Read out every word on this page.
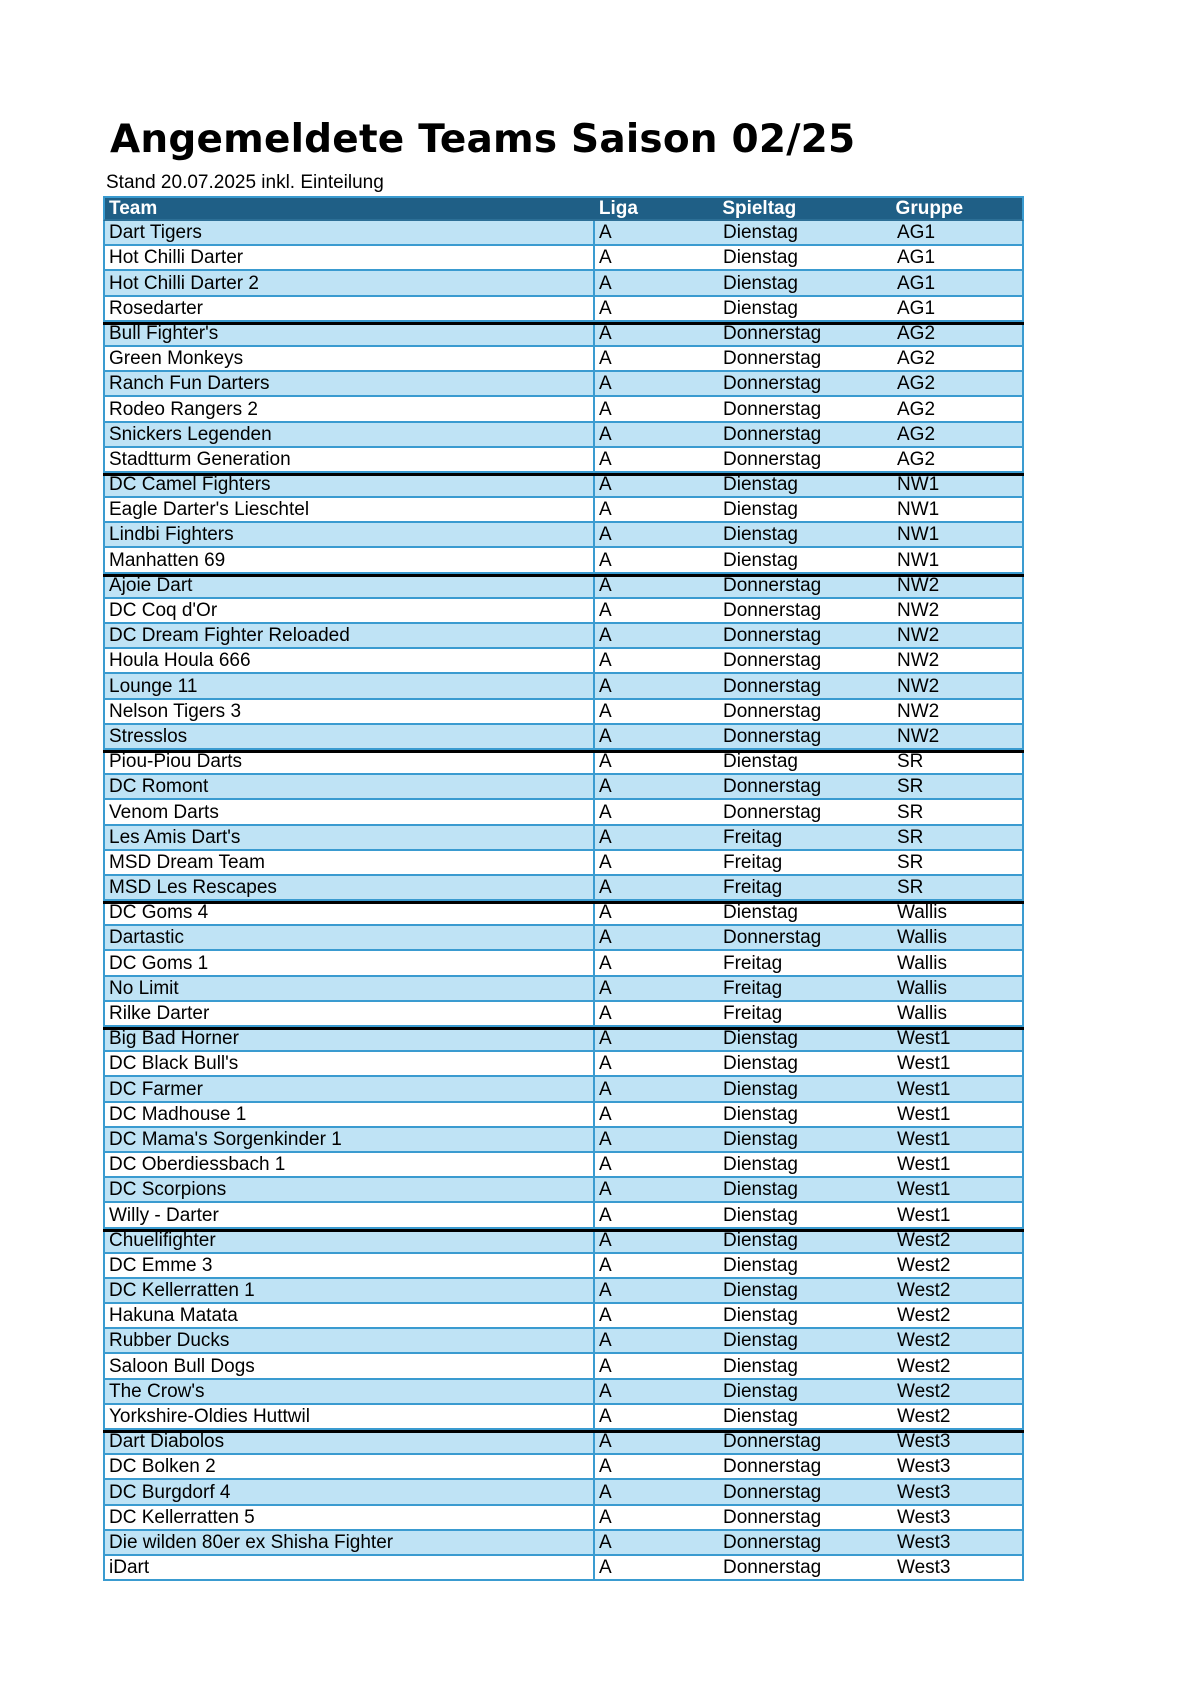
Angemeldete Teams Saison 02/25
Stand 20.07.2025 inkl. Einteilung
Team	Liga	Spieltag	Gruppe
Dart Tigers	A	Dienstag	AG1
Hot Chilli Darter	A	Dienstag	AG1
Hot Chilli Darter 2	A	Dienstag	AG1
Rosedarter	A	Dienstag	AG1
Bull Fighter's	A	Donnerstag	AG2
Green Monkeys	A	Donnerstag	AG2
Ranch Fun Darters	A	Donnerstag	AG2
Rodeo Rangers 2	A	Donnerstag	AG2
Snickers Legenden	A	Donnerstag	AG2
Stadtturm Generation	A	Donnerstag	AG2
DC Camel Fighters	A	Dienstag	NW1
Eagle Darter's Lieschtel	A	Dienstag	NW1
Lindbi Fighters	A	Dienstag	NW1
Manhatten 69	A	Dienstag	NW1
Ajoie Dart	A	Donnerstag	NW2
DC Coq d'Or	A	Donnerstag	NW2
DC Dream Fighter Reloaded	A	Donnerstag	NW2
Houla Houla 666	A	Donnerstag	NW2
Lounge 11	A	Donnerstag	NW2
Nelson Tigers 3	A	Donnerstag	NW2
Stresslos	A	Donnerstag	NW2
Piou-Piou Darts	A	Dienstag	SR
DC Romont	A	Donnerstag	SR
Venom Darts	A	Donnerstag	SR
Les Amis Dart's	A	Freitag	SR
MSD Dream Team	A	Freitag	SR
MSD Les Rescapes	A	Freitag	SR
DC Goms 4	A	Dienstag	Wallis
Dartastic	A	Donnerstag	Wallis
DC Goms 1	A	Freitag	Wallis
No Limit	A	Freitag	Wallis
Rilke Darter	A	Freitag	Wallis
Big Bad Horner	A	Dienstag	West1
DC Black Bull's	A	Dienstag	West1
DC Farmer	A	Dienstag	West1
DC Madhouse 1	A	Dienstag	West1
DC Mama's Sorgenkinder 1	A	Dienstag	West1
DC Oberdiessbach 1	A	Dienstag	West1
DC Scorpions	A	Dienstag	West1
Willy - Darter	A	Dienstag	West1
Chuelifighter	A	Dienstag	West2
DC Emme 3	A	Dienstag	West2
DC Kellerratten 1	A	Dienstag	West2
Hakuna Matata	A	Dienstag	West2
Rubber Ducks	A	Dienstag	West2
Saloon Bull Dogs	A	Dienstag	West2
The Crow's	A	Dienstag	West2
Yorkshire-Oldies Huttwil	A	Dienstag	West2
Dart Diabolos	A	Donnerstag	West3
DC Bolken 2	A	Donnerstag	West3
DC Burgdorf 4	A	Donnerstag	West3
DC Kellerratten 5	A	Donnerstag	West3
Die wilden 80er ex Shisha Fighter	A	Donnerstag	West3
iDart	A	Donnerstag	West3
